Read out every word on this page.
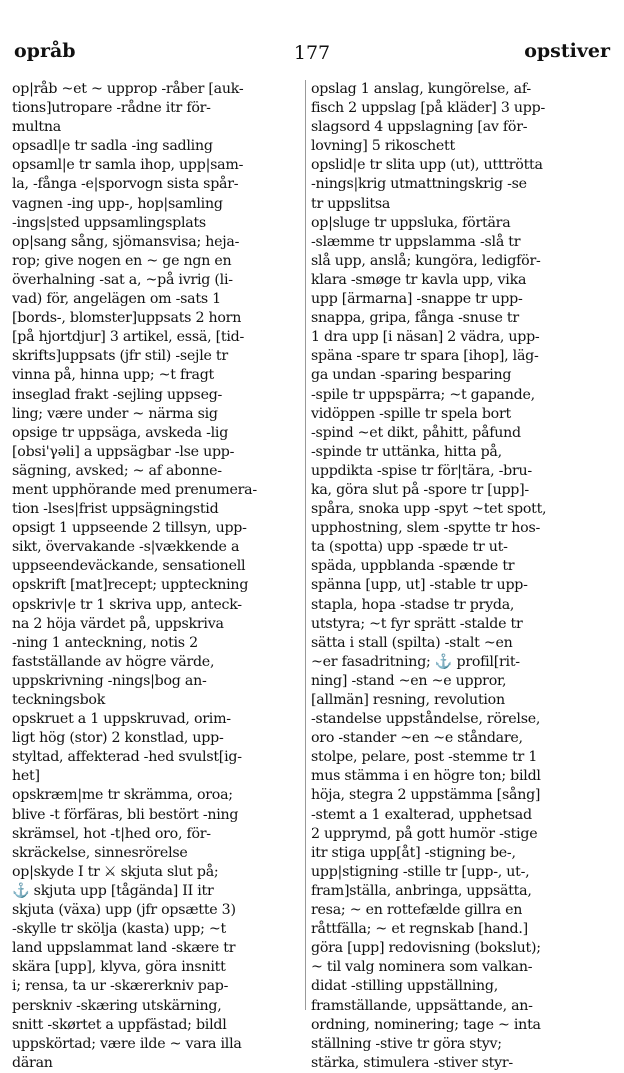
opråb	177	opstiver
op|råb ~et ~ upprop -råber [auk-
tions]utropare -rådne itr för-
multna
opsadl|e tr sadla -ing sadling
opsaml|e tr samla ihop, upp|sam-
la, -fånga -e|sporvogn sista spår-
vagnen -ing upp-, hop|samling
-ings|sted uppsamlingsplats
op|sang sång, sjömansvisa; heja-
rop; give nogen en ~ ge ngn en
överhalning -sat a, ~på ivrig (li-
vad) för, angelägen om -sats 1
[bords-, blomster]uppsats 2 horn
[på hjortdjur] 3 artikel, essä, [tid-
skrifts]uppsats (jfr stil) -sejle tr
vinna på, hinna upp; ~t fragt
inseglad frakt -sejling uppseg-
ling; være under ~ närma sig
opsige tr uppsäga, avskeda -lig
[obsi'γəli] a uppsägbar -lse upp-
sägning, avsked; ~ af abonne-
ment upphörande med prenumera-
tion -lses|frist uppsägningstid
opsigt 1 uppseende 2 tillsyn, upp-
sikt, övervakande -s|vækkende a
uppseendeväckande, sensationell
opskrift [mat]recept; uppteckning
opskriv|e tr 1 skriva upp, anteck-
na 2 höja värdet på, uppskriva
-ning 1 anteckning, notis 2
fastställande av högre värde,
uppskrivning -nings|bog an-
teckningsbok
opskruet a 1 uppskruvad, orim-
ligt hög (stor) 2 konstlad, upp-
styltad, affekterad -hed svulst[ig-
het]
opskræm|me tr skrämma, oroa;
blive -t förfäras, bli bestört -ning
skrämsel, hot -t|hed oro, för-
skräckelse, sinnesrörelse
op|skyde I tr ⚔ skjuta slut på;
⚓ skjuta upp [tågända] II itr
skjuta (växa) upp (jfr opsætte 3)
-skylle tr skölja (kasta) upp; ~t
land uppslammat land -skære tr
skära [upp], klyva, göra insnitt
i; rensa, ta ur -skærerkniv pap-
perskniv -skæring utskärning,
snitt -skørtet a uppfästad; bildl
uppskörtad; være ilde ~ vara illa
däran
opslag 1 anslag, kungörelse, af-
fisch 2 uppslag [på kläder] 3 upp-
slagsord 4 uppslagning [av för-
lovning] 5 rikoschett
opslid|e tr slita upp (ut), utttrötta
-nings|krig utmattningskrig -se
tr uppslitsa
op|sluge tr uppsluka, förtära
-slæmme tr uppslamma -slå tr
slå upp, anslå; kungöra, ledigför-
klara -smøge tr kavla upp, vika
upp [ärmarna] -snappe tr upp-
snappa, gripa, fånga -snuse tr
1 dra upp [i näsan] 2 vädra, upp-
späna -spare tr spara [ihop], läg-
ga undan -sparing besparing
-spile tr uppspärra; ~t gapande,
vidöppen -spille tr spela bort
-spind ~et dikt, påhitt, påfund
-spinde tr uttänka, hitta på,
uppdikta -spise tr för|tära, -bru-
ka, göra slut på -spore tr [upp]-
spåra, snoka upp -spyt ~tet spott,
upphostning, slem -spytte tr hos-
ta (spotta) upp -spæde tr ut-
späda, uppblanda -spænde tr
spänna [upp, ut] -stable tr upp-
stapla, hopa -stadse tr pryda,
utstyra; ~t fyr sprätt -stalde tr
sätta i stall (spilta) -stalt ~en
~er fasadritning; ⚓ profil[rit-
ning] -stand ~en ~e uppror,
[allmän] resning, revolution
-standelse uppståndelse, rörelse,
oro -stander ~en ~e ståndare,
stolpe, pelare, post -stemme tr 1
mus stämma i en högre ton; bildl
höja, stegra 2 uppstämma [sång]
-stemt a 1 exalterad, upphetsad
2 upprymd, på gott humör -stige
itr stiga upp[åt] -stigning be-,
upp|stigning -stille tr [upp-, ut-,
fram]ställa, anbringa, uppsätta,
resa; ~ en rottefælde gillra en
råttfälla; ~ et regnskab [hand.]
göra [upp] redovisning (bokslut);
~ til valg nominera som valkan-
didat -stilling uppställning,
framställande, uppsättande, an-
ordning, nominering; tage ~ inta
ställning -stive tr göra styv;
stärka, stimulera -stiver styr-
